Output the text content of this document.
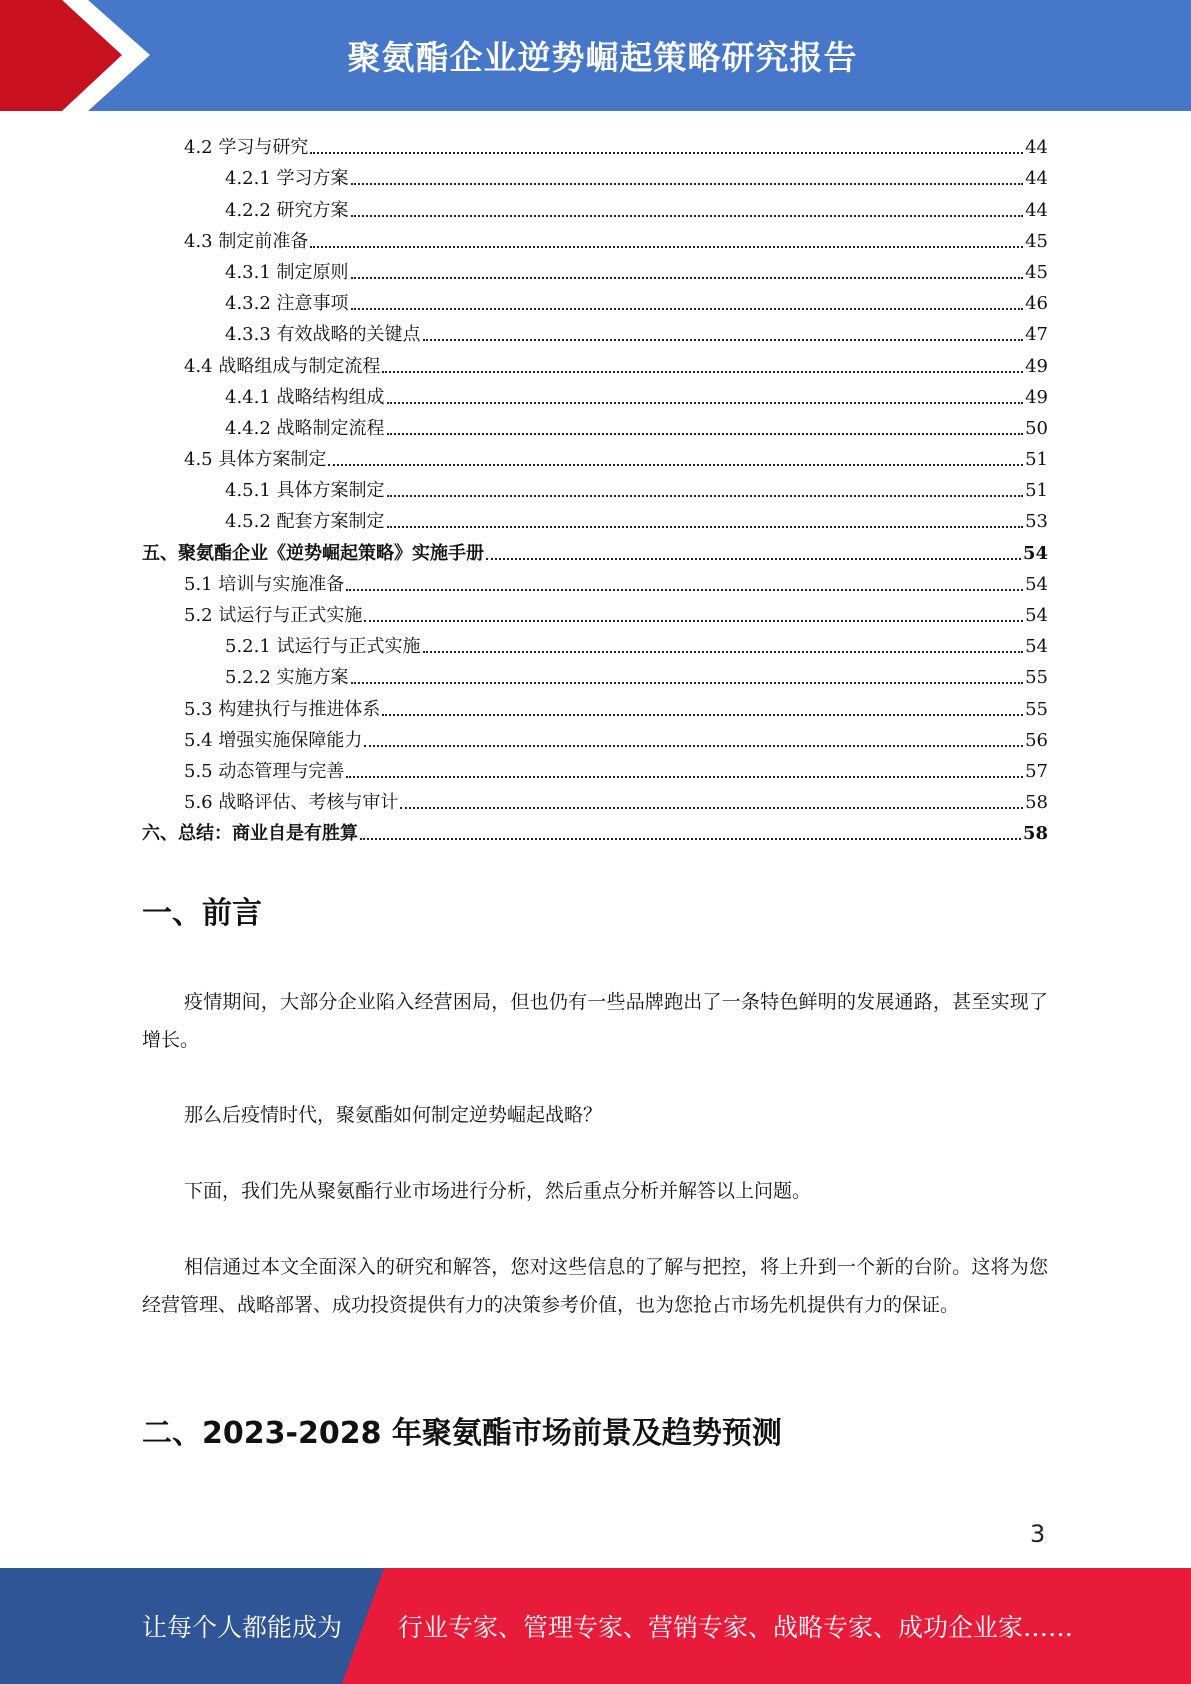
聚氨酯企业逆势崛起策略研究报告
4.2 学习与研究	44
4.2.1 学习方案	44
4.2.2 研究方案	44
4.3 制定前准备	45
4.3.1 制定原则	45
4.3.2 注意事项	46
4.3.3 有效战略的关键点	47
4.4 战略组成与制定流程	49
4.4.1 战略结构组成	49
4.4.2 战略制定流程	50
4.5 具体方案制定	51
4.5.1 具体方案制定	51
4.5.2 配套方案制定	53
五、聚氨酯企业《逆势崛起策略》实施手册	54
5.1 培训与实施准备	54
5.2 试运行与正式实施	54
5.2.1 试运行与正式实施	54
5.2.2 实施方案	55
5.3 构建执行与推进体系	55
5.4 增强实施保障能力	56
5.5 动态管理与完善	57
5.6 战略评估、考核与审计	58
六、总结：商业自是有胜算	58
一、前言
疫情期间，大部分企业陷入经营困局，但也仍有一些品牌跑出了一条特色鲜明的发展通路，甚至实现了增长。
那么后疫情时代，聚氨酯如何制定逆势崛起战略？
下面，我们先从聚氨酯行业市场进行分析，然后重点分析并解答以上问题。
相信通过本文全面深入的研究和解答，您对这些信息的了解与把控，将上升到一个新的台阶。这将为您经营管理、战略部署、成功投资提供有力的决策参考价值，也为您抢占市场先机提供有力的保证。
二、2023-2028 年聚氨酯市场前景及趋势预测
3
让每个人都能成为 行业专家、管理专家、营销专家、战略专家、成功企业家……
